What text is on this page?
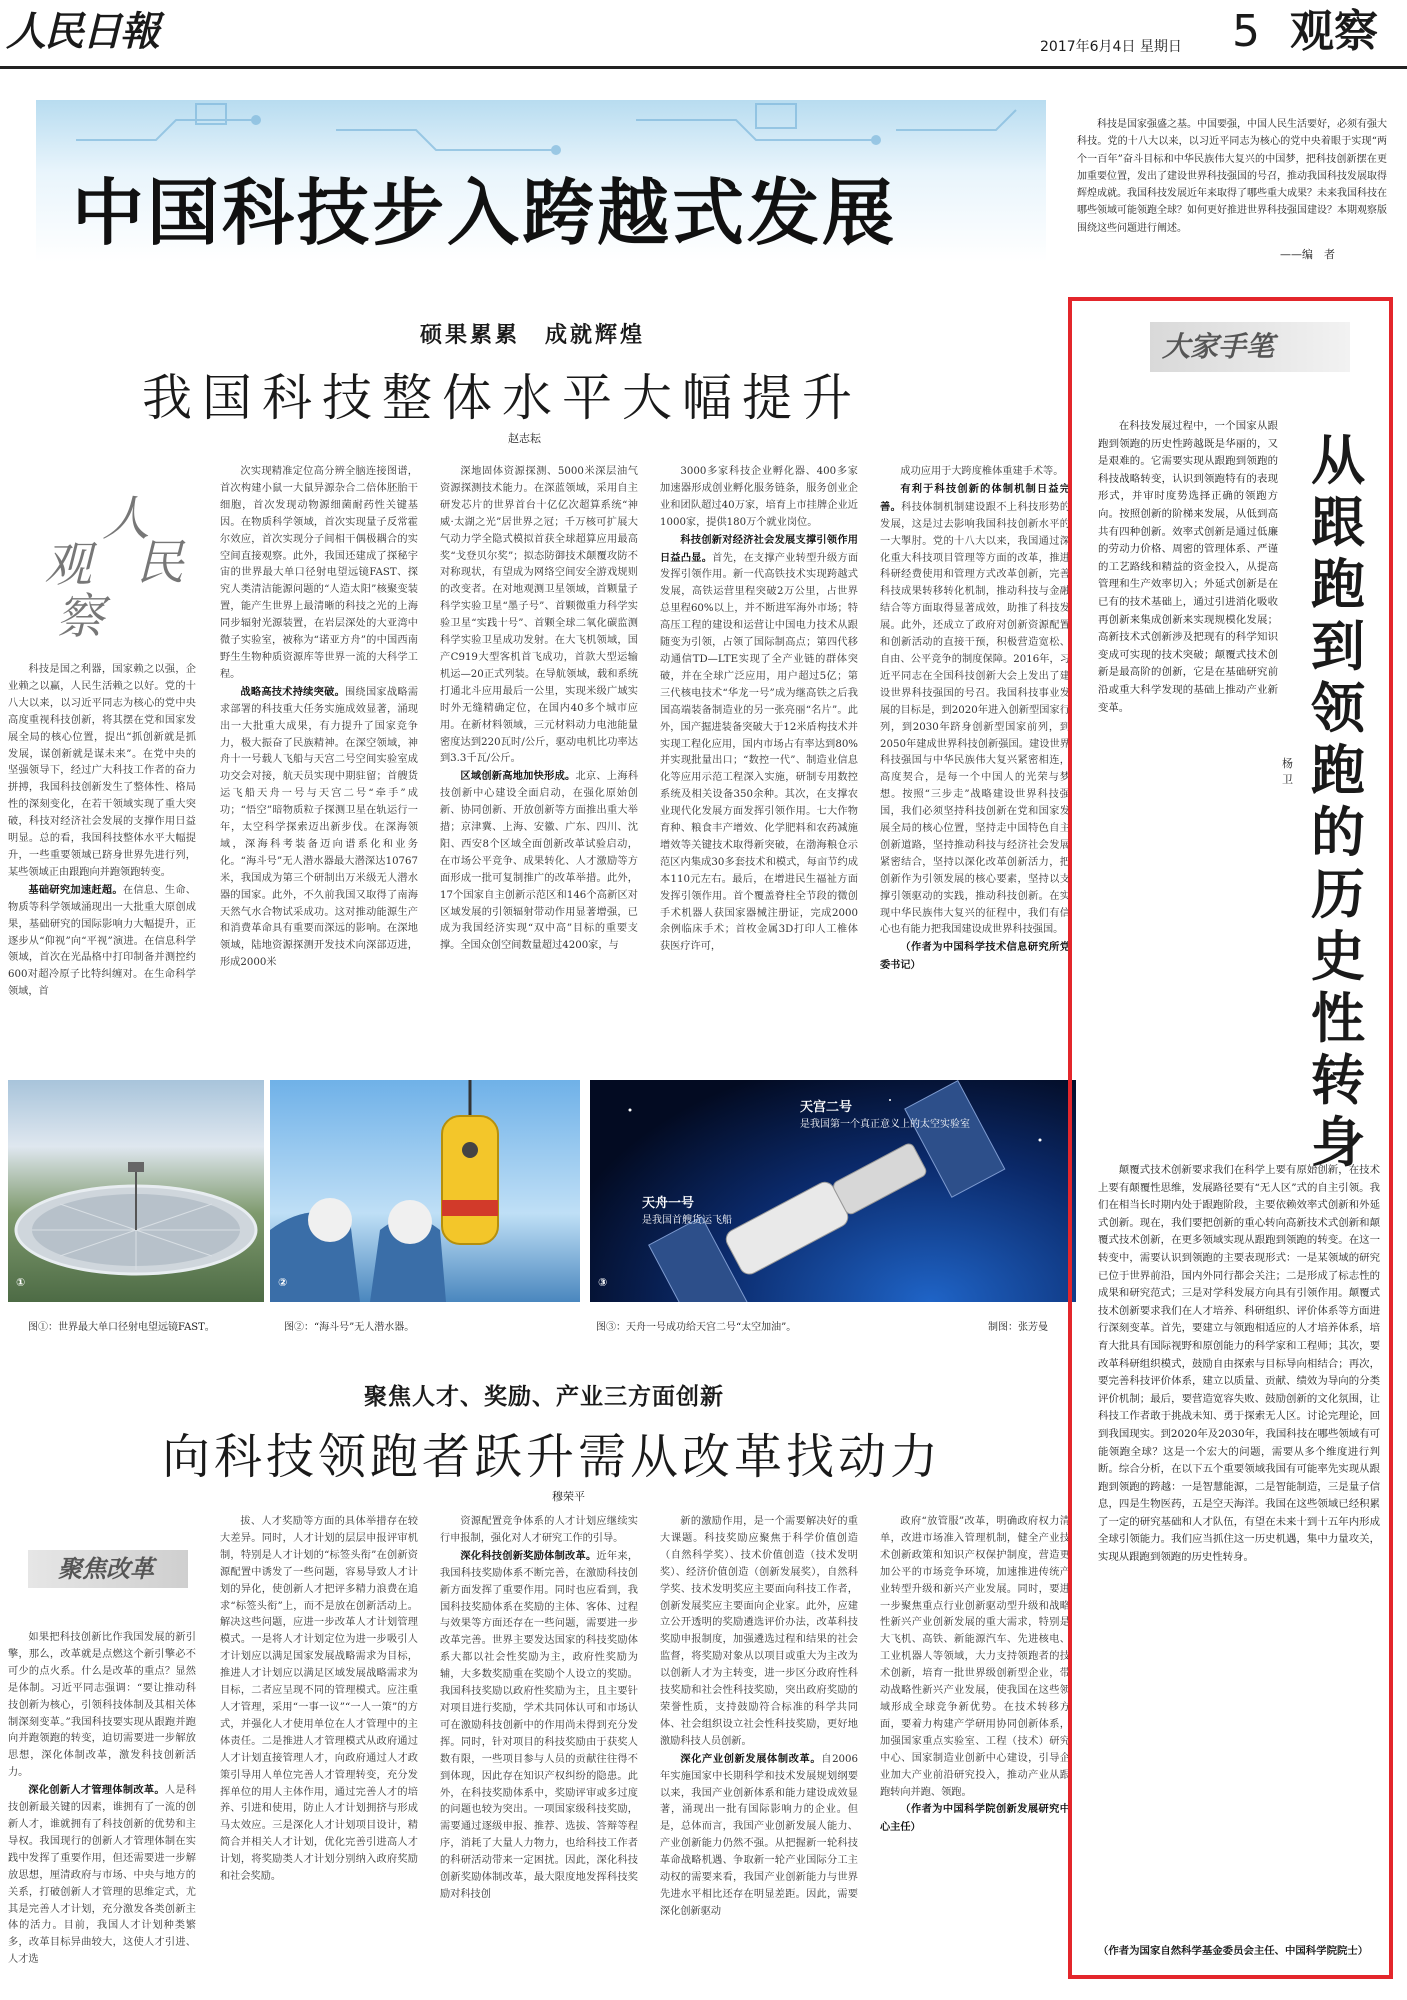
人民日報	2017年6月4日 星期日 5 观察
中国科技步入跨越式发展
科技是国家强盛之基。中国要强，中国人民生活要好，必须有强大科技。党的十八大以来，以习近平同志为核心的党中央着眼于实现“两个一百年”奋斗目标和中华民族伟大复兴的中国梦，把科技创新摆在更加重要位置，发出了建设世界科技强国的号召，推动我国科技发展取得辉煌成就。我国科技发展近年来取得了哪些重大成果？未来我国科技在哪些领域可能领跑全球？如何更好推进世界科技强国建设？本期观察版围绕这些问题进行阐述。
——编　者
硕果累累　成就辉煌
我国科技整体水平大幅提升
赵志耘
人
民
观
察

科技是国之利器，国家赖之以强，企业赖之以赢，人民生活赖之以好。党的十八大以来，以习近平同志为核心的党中央高度重视科技创新，将其摆在党和国家发展全局的核心位置，提出“抓创新就是抓发展，谋创新就是谋未来”。在党中央的坚强领导下，经过广大科技工作者的奋力拼搏，我国科技创新发生了整体性、格局性的深刻变化，在若干领域实现了重大突破，科技对经济社会发展的支撑作用日益明显。总的看，我国科技整体水平大幅提升，一些重要领域已跻身世界先进行列，某些领域正由跟跑向并跑领跑转变。

基础研究加速赶超。在信息、生命、物质等科学领域涌现出一大批重大原创成果，基础研究的国际影响力大幅提升，正逐步从“仰视”向“平视”演进。在信息科学领域，首次在光晶格中打印制备并测控约600对超冷原子比特纠缠对。在生命科学领域，首

次实现精准定位高分辨全脑连接图谱，首次构建小鼠一大鼠异源杂合二倍体胚胎干细胞，首次发现动物源细菌耐药性关键基因。在物质科学领域，首次实现量子反常霍尔效应，首次实现分子间相干偶极耦合的实空间直接观察。此外，我国还建成了探秘宇宙的世界最大单口径射电望远镜FAST、探究人类清洁能源问题的“人造太阳”核聚变装置，能产生世界上最清晰的科技之光的上海同步辐射光源装置，在岩层深处的大亚湾中微子实验室，被称为“诺亚方舟”的中国西南野生生物种质资源库等世界一流的大科学工程。

战略高技术持续突破。围绕国家战略需求部署的科技重大任务实施成效显著，涌现出一大批重大成果，有力提升了国家竞争力，极大振奋了民族精神。在深空领域，神舟十一号载人飞船与天宫二号空间实验室成功交会对接，航天员实现中期驻留；首艘货运飞船天舟一号与天宫二号“牵手”成功；“悟空”暗物质粒子探测卫星在轨运行一年，太空科学探索迈出新步伐。在深海领域，深海科考装备迈向谱系化和业务化。“海斗号”无人潜水器最大潜深达10767米，我国成为第三个研制出万米级无人潜水器的国家。此外，不久前我国又取得了南海天然气水合物试采成功。这对推动能源生产和消费革命具有重要而深远的影响。在深地领域，陆地资源探测开发技术向深部迈进，形成2000米

深地固体资源探测、5000米深层油气资源探测技术能力。在深蓝领域，采用自主研发芯片的世界首台十亿亿次超算系统“神威·太湖之光”居世界之冠；千万核可扩展大气动力学全隐式模拟首获全球超算应用最高奖“戈登贝尔奖”；拟态防御技术颠覆攻防不对称现状，有望成为网络空间安全游戏规则的改变者。在对地观测卫星领域，首颗量子科学实验卫星“墨子号”、首颗微重力科学实验卫星“实践十号”、首颗全球二氧化碳监测科学实验卫星成功发射。在大飞机领域，国产C919大型客机首飞成功，首款大型运输机运—20正式列装。在导航领域，载和系统打通北斗应用最后一公里，实现米级广域实时外无缝精确定位，在国内40多个城市应用。在新材料领域，三元材料动力电池能量密度达到220瓦时/公斤，驱动电机比功率达到3.3千瓦/公斤。

区域创新高地加快形成。北京、上海科技创新中心建设全面启动，在强化原始创新、协同创新、开放创新等方面推出重大举措；京津冀、上海、安徽、广东、四川、沈阳、西安8个区域全面创新改革试验启动，在市场公平竞争、成果转化、人才激励等方面形成一批可复制推广的改革举措。此外，17个国家自主创新示范区和146个高新区对区域发展的引领辐射带动作用显著增强，已成为我国经济实现“双中高”目标的重要支撑。全国众创空间数量超过4200家，与

3000多家科技企业孵化器、400多家加速器形成创业孵化服务链条，服务创业企业和团队超过40万家，培育上市挂牌企业近1000家，提供180万个就业岗位。

科技创新对经济社会发展支撑引领作用日益凸显。首先，在支撑产业转型升级方面发挥引领作用。新一代高铁技术实现跨越式发展，高铁运营里程突破2万公里，占世界总里程60%以上，并不断进军海外市场；特高压工程的建设和运营让中国电力技术从跟随变为引领，占领了国际制高点；第四代移动通信TD—LTE实现了全产业链的群体突破，并在全球广泛应用，用户超过5亿；第三代核电技术“华龙一号”成为继高铁之后我国高端装备制造业的另一张亮丽“名片”。此外，国产掘进装备突破大于12米盾构技术并实现工程化应用，国内市场占有率达到80%并实现批量出口；“数控一代”、制造业信息化等应用示范工程深入实施，研制专用数控系统及相关设备350余种。其次，在支撑农业现代化发展方面发挥引领作用。七大作物育种、粮食丰产增效、化学肥料和农药减施增效等关键技术取得新突破，在渤海粮仓示范区内集成30多套技术和模式，每亩节约成本110元左右。最后，在增进民生福祉方面发挥引领作用。首个覆盖脊柱全节段的微创手术机器人获国家器械注册证，完成2000余例临床手术；首枚金属3D打印人工椎体获医疗许可，

成功应用于大跨度椎体重建手术等。

有利于科技创新的体制机制日益完善。科技体制机制建设跟不上科技形势的发展，这是过去影响我国科技创新水平的一大掣肘。党的十八大以来，我国通过深化重大科技项目管理等方面的改革，推进科研经费使用和管理方式改革创新，完善科技成果转移转化机制，推动科技与金融结合等方面取得显著成效，助推了科技发展。此外，还成立了政府对创新资源配置和创新活动的直接干预，积极营造宽松、自由、公平竞争的制度保障。2016年，习近平同志在全国科技创新大会上发出了建设世界科技强国的号召。我国科技事业发展的目标是，到2020年进入创新型国家行列，到2030年跻身创新型国家前列，到2050年建成世界科技创新强国。建设世界科技强国与中华民族伟大复兴紧密相连，高度契合，是每一个中国人的光荣与梦想。按照“三步走”战略建设世界科技强国，我们必须坚持科技创新在党和国家发展全局的核心位置，坚持走中国特色自主创新道路，坚持推动科技与经济社会发展紧密结合，坚持以深化改革创新活力，把创新作为引领发展的核心要素，坚持以支撑引领驱动的实践，推动科技创新。在实现中华民族伟大复兴的征程中，我们有信心也有能力把我国建设成世界科技强国。

（作者为中国科学技术信息研究所党委书记）

①	②
天宫二号
是我国第一个真正意义上的太空实验室
天舟一号
是我国首艘货运飞船
③
图①：世界最大单口径射电望远镜FAST。	图②：“海斗号”无人潜水器。	图③：天舟一号成功给天宫二号“太空加油”。	制图：张芳曼
聚焦人才、奖励、产业三方面创新
向科技领跑者跃升需从改革找动力
穆荣平
聚焦改革

如果把科技创新比作我国发展的新引擎，那么，改革就是点燃这个新引擎必不可少的点火系。什么是改革的重点？显然是体制。习近平同志强调：“要让推动科技创新为核心，引领科技体制及其相关体制深刻变革。”我国科技要实现从跟跑并跑向并跑领跑的转变，迫切需要进一步解放思想，深化体制改革，激发科技创新活力。

深化创新人才管理体制改革。人是科技创新最关键的因素，谁拥有了一流的创新人才，谁就拥有了科技创新的优势和主导权。我国现行的创新人才管理体制在实践中发挥了重要作用，但还需要进一步解放思想，厘清政府与市场、中央与地方的关系，打破创新人才管理的思维定式，尤其是完善人才计划，充分激发各类创新主体的活力。目前，我国人才计划种类繁多，改革目标异曲较大，这使人才引进、人才选

拔、人才奖励等方面的具体举措存在较大差异。同时，人才计划的层层申报评审机制，特别是人才计划的“标签头衔”在创新资源配置中诱发了一些问题，容易导致人才计划的异化，使创新人才把评多精力浪费在追求“标签头衔”上，而不是放在创新活动上。解决这些问题，应进一步改革人才计划管理模式。一是将人才计划定位为进一步吸引人才计划应以满足国家发展战略需求为目标，推进人才计划应以满足区域发展战略需求为目标，二者应呈现不同的管理模式。应注重人才管理，采用“一事一议”“一人一策”的方式，并强化人才使用单位在人才管理中的主体责任。二是推进人才管理模式从政府通过人才计划直接管理人才，向政府通过人才政策引导用人单位完善人才管理转变，充分发挥单位的用人主体作用，通过完善人才的培养、引进和使用，防止人才计划拥挤与形成马太效应。三是深化人才计划项目设计，精简合并相关人才计划，优化完善引进高人才计划，将奖励类人才计划分别纳入政府奖励和社会奖励。

资源配置竞争体系的人才计划应继续实行申报制，强化对人才研究工作的引导。

深化科技创新奖励体制改革。近年来，我国科技奖励体系不断完善，在激励科技创新方面发挥了重要作用。同时也应看到，我国科技奖励体系在奖励的主体、客体、过程与效果等方面还存在一些问题，需要进一步改革完善。世界主要发达国家的科技奖励体系大都以社会性奖励为主，政府性奖励为辅，大多数奖励重在奖励个人设立的奖励。我国科技奖励以政府性奖励为主，且主要针对项目进行奖励，学术共同体认可和市场认可在激励科技创新中的作用尚未得到充分发挥。同时，针对项目的科技奖励由于获奖人数有限，一些项目参与人员的贡献往往得不到体现，因此存在知识产权纠纷的隐患。此外，在科技奖励体系中，奖励评审或多过度的问题也较为突出。一项国家级科技奖励，需要通过逐级申报、推荐、选拔、答辩等程序，消耗了大量人力物力，也给科技工作者的科研活动带来一定困扰。因此，深化科技创新奖励体制改革，最大限度地发挥科技奖励对科技创

新的激励作用，是一个需要解决好的重大课题。科技奖励应聚焦于科学价值创造（自然科学奖）、技术价值创造（技术发明奖）、经济价值创造（创新发展奖），自然科学奖、技术发明奖应主要面向科技工作者，创新发展奖应主要面向企业家。此外，应建立公开透明的奖励遴选评价办法，改革科技奖励申报制度，加强遴选过程和结果的社会监督，将奖励对象从以项目或重大为主改为以创新人才为主转变，进一步区分政府性科技奖励和社会性科技奖励，突出政府奖励的荣誉性质，支持鼓励符合标准的科学共同体、社会组织设立社会性科技奖励，更好地激励科技人员创新。

深化产业创新发展体制改革。自2006年实施国家中长期科学和技术发展规划纲要以来，我国产业创新体系和能力建设成效显著，涌现出一批有国际影响力的企业。但是，总体而言，我国产业创新发展人能力、产业创新能力仍然不强。从把握新一轮科技革命战略机遇、争取新一轮产业国际分工主动权的需要来看，我国产业创新能力与世界先进水平相比还存在明显差距。因此，需要深化创新驱动

政府“放管服”改革，明确政府权力清单，改进市场准入管理机制，健全产业技术创新政策和知识产权保护制度，营造更加公平的市场竞争环境，加速推进传统产业转型升级和新兴产业发展。同时，要进一步聚焦重点行业创新驱动型升级和战略性新兴产业创新发展的重大需求，特别是大飞机、高铁、新能源汽车、先进核电、工业机器人等领域，大力支持领跑者的技术创新，培育一批世界级创新型企业，带动战略性新兴产业发展，使我国在这些领域形成全球竞争新优势。在技术转移方面，要着力构建产学研用协同创新体系，加强国家重点实验室、工程（技术）研究中心、国家制造业创新中心建设，引导企业加大产业前沿研究投入，推动产业从跟跑转向并跑、领跑。

（作者为中国科学院创新发展研究中心主任）

大家手笔
从跟跑到领跑的历史性转身
杨卫

在科技发展过程中，一个国家从跟跑到领跑的历史性跨越既是华丽的，又是艰难的。它需要实现从跟跑到领跑的科技战略转变，认识到领跑特有的表现形式，并审时度势选择正确的领跑方向。按照创新的阶梯来发展，从低到高共有四种创新。效率式创新是通过低廉的劳动力价格、周密的管理体系、严谨的工艺路线和精益的资金投入，从提高管理和生产效率切入；外延式创新是在已有的技术基础上，通过引进消化吸收再创新来集成创新来实现规模化发展；高新技术式创新涉及把现有的科学知识变成可实现的技术突破；颠覆式技术创新是最高阶的创新，它是在基础研究前沿或重大科学发现的基础上推动产业新变革。

颠覆式技术创新要求我们在科学上要有原始创新，在技术上要有颠覆性思维，发展路径要有“无人区”式的自主引领。我们在相当长时期内处于跟跑阶段，主要依赖效率式创新和外延式创新。现在，我们要把创新的重心转向高新技术式创新和颠覆式技术创新，在更多领域实现从跟跑到领跑的转变。在这一转变中，需要认识到领跑的主要表现形式：一是某领域的研究已位于世界前沿，国内外同行都会关注；二是形成了标志性的成果和研究范式；三是对学科发展方向具有引领作用。颠覆式技术创新要求我们在人才培养、科研组织、评价体系等方面进行深刻变革。首先，要建立与领跑相适应的人才培养体系，培育大批具有国际视野和原创能力的科学家和工程师；其次，要改革科研组织模式，鼓励自由探索与目标导向相结合；再次，要完善科技评价体系，建立以质量、贡献、绩效为导向的分类评价机制；最后，要营造宽容失败、鼓励创新的文化氛围，让科技工作者敢于挑战未知、勇于探索无人区。讨论完理论，回到我国现实。到2020年及2030年，我国科技在哪些领域有可能领跑全球？这是一个宏大的问题，需要从多个维度进行判断。综合分析，在以下五个重要领域我国有可能率先实现从跟跑到领跑的跨越：一是智慧能源，二是智能制造，三是量子信息，四是生物医药，五是空天海洋。我国在这些领域已经积累了一定的研究基础和人才队伍，有望在未来十到十五年内形成全球引领能力。我们应当抓住这一历史机遇，集中力量攻关，实现从跟跑到领跑的历史性转身。

（作者为国家自然科学基金委员会主任、中国科学院院士）
